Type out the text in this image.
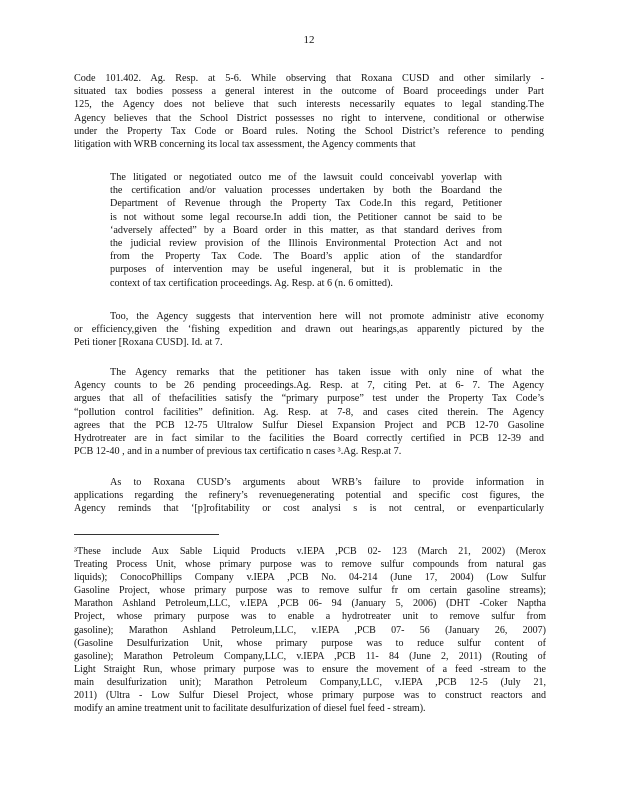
12
Code 101.402. Ag. Resp. at 5-6. While observing that Roxana CUSD and other similarly -
situated tax bodies possess a general interest in the outcome of Board proceedings under Part
125, the Agency does not believe that such interests necessarily equates to legal standing.The
Agency believes that the School District possesses no right to intervene, conditional or otherwise
under the Property Tax Code or Board rules. Noting the School District’s reference to pending
litigation with WRB concerning its local tax assessment, the Agency comments that
The litigated or negotiated outco me of the lawsuit could conceivabl yoverlap with
the certification and/or valuation processes undertaken by both the Boardand the
Department of Revenue through the Property Tax Code.In this regard, Petitioner
is not without some legal recourse.In addi tion, the Petitioner cannot be said to be
‘adversely affected” by a Board order in this matter, as that standard derives from
the judicial review provision of the Illinois Environmental Protection Act and not
from the Property Tax Code. The Board’s applic ation of the standardfor
purposes of intervention may be useful ingeneral, but it is problematic in the
context of tax certification proceedings. Ag. Resp. at 6 (n. 6 omitted).
Too, the Agency suggests that intervention here will not promote administr ative economy
or efficiency,given the ‘fishing expedition and drawn out hearings,as apparently pictured by the
Peti tioner [Roxana CUSD]. Id. at 7.
The Agency remarks that the petitioner has taken issue with only nine of what the
Agency counts to be 26 pending proceedings.Ag. Resp. at 7, citing Pet. at 6- 7. The Agency
argues that all of thefacilities satisfy the “primary purpose” test under the Property Tax Code’s
“pollution control facilities” definition. Ag. Resp. at 7-8, and cases cited therein. The Agency
agrees that the PCB 12-75 Ultralow Sulfur Diesel Expansion Project and PCB 12-70 Gasoline
Hydrotreater are in fact similar to the facilities the Board correctly certified in PCB 12-39 and
PCB 12-40 , and in a number of previous tax certificatio n cases ³.Ag. Resp.at 7.
As to Roxana CUSD’s arguments about WRB’s failure to provide information in
applications regarding the refinery’s revenuegenerating potential and specific cost figures, the
Agency reminds that ‘[p]rofitability or cost analysi s is not central, or evenparticularly
³These include Aux Sable Liquid Products v.IEPA ,PCB 02- 123 (March 21, 2002) (Merox
Treating Process Unit, whose primary purpose was to remove sulfur compounds from natural gas
liquids); ConocoPhillips Company v.IEPA ,PCB No. 04-214 (June 17, 2004) (Low Sulfur
Gasoline Project, whose primary purpose was to remove sulfur fr om certain gasoline streams);
Marathon Ashland Petroleum,LLC, v.IEPA ,PCB 06- 94 (January 5, 2006) (DHT -Coker Naptha
Project, whose primary purpose was to enable a hydrotreater unit to remove sulfur from
gasoline); Marathon Ashland Petroleum,LLC, v.IEPA ,PCB 07- 56 (January 26, 2007)
(Gasoline Desulfurization Unit, whose primary purpose was to reduce sulfur content of
gasoline); Marathon Petroleum Company,LLC, v.IEPA ,PCB 11- 84 (June 2, 2011) (Routing of
Light Straight Run, whose primary purpose was to ensure the movement of a feed -stream to the
main desulfurization unit); Marathon Petroleum Company,LLC, v.IEPA ,PCB 12-5 (July 21,
2011) (Ultra - Low Sulfur Diesel Project, whose primary purpose was to construct reactors and
modify an amine treatment unit to facilitate desulfurization of diesel fuel feed - stream).
